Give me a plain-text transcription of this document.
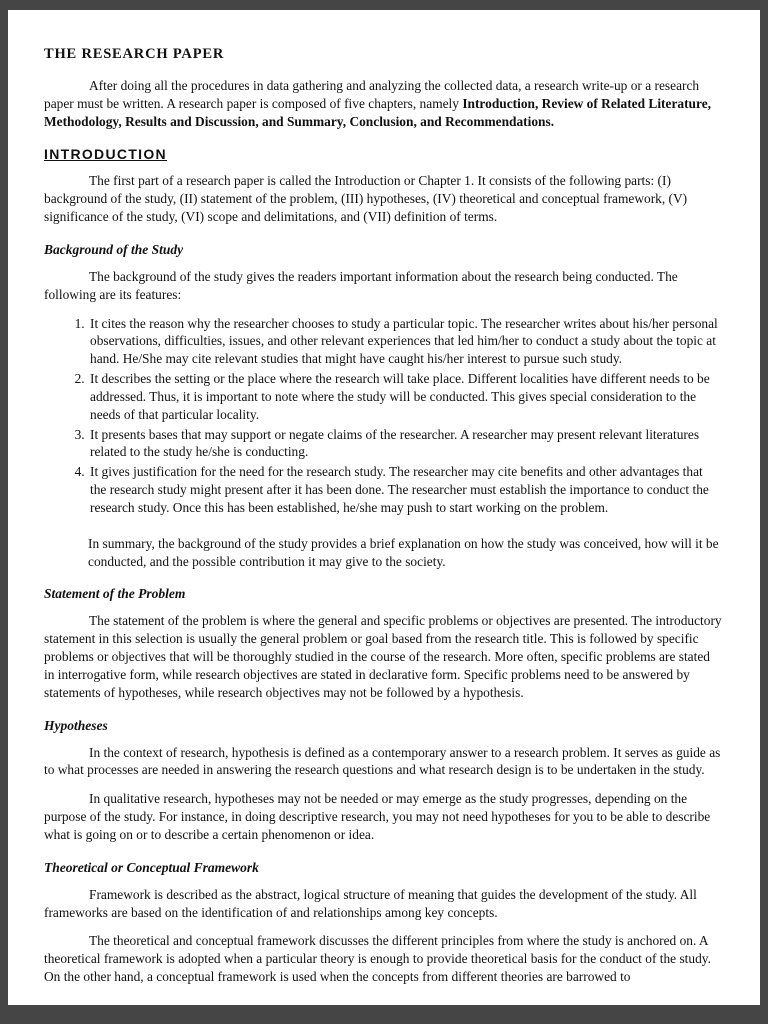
THE RESEARCH PAPER

After doing all the procedures in data gathering and analyzing the collected data, a research write-up or a research paper must be written. A research paper is composed of five chapters, namely Introduction, Review of Related Literature, Methodology, Results and Discussion, and Summary, Conclusion, and Recommendations.

INTRODUCTION

The first part of a research paper is called the Introduction or Chapter 1. It consists of the following parts: (I) background of the study, (II) statement of the problem, (III) hypotheses, (IV) theoretical and conceptual framework, (V) significance of the study, (VI) scope and delimitations, and (VII) definition of terms.

Background of the Study

The background of the study gives the readers important information about the research being conducted. The following are its features:

1. It cites the reason why the researcher chooses to study a particular topic. The researcher writes about his/her personal observations, difficulties, issues, and other relevant experiences that led him/her to conduct a study about the topic at hand. He/She may cite relevant studies that might have caught his/her interest to pursue such study.
2. It describes the setting or the place where the research will take place. Different localities have different needs to be addressed. Thus, it is important to note where the study will be conducted. This gives special consideration to the needs of that particular locality.
3. It presents bases that may support or negate claims of the researcher. A researcher may present relevant literatures related to the study he/she is conducting.
4. It gives justification for the need for the research study. The researcher may cite benefits and other advantages that the research study might present after it has been done. The researcher must establish the importance to conduct the research study. Once this has been established, he/she may push to start working on the problem.

In summary, the background of the study provides a brief explanation on how the study was conceived, how will it be conducted, and the possible contribution it may give to the society.

Statement of the Problem

The statement of the problem is where the general and specific problems or objectives are presented. The introductory statement in this selection is usually the general problem or goal based from the research title. This is followed by specific problems or objectives that will be thoroughly studied in the course of the research. More often, specific problems are stated in interrogative form, while research objectives are stated in declarative form. Specific problems need to be answered by statements of hypotheses, while research objectives may not be followed by a hypothesis.

Hypotheses

In the context of research, hypothesis is defined as a contemporary answer to a research problem. It serves as guide as to what processes are needed in answering the research questions and what research design is to be undertaken in the study.

In qualitative research, hypotheses may not be needed or may emerge as the study progresses, depending on the purpose of the study. For instance, in doing descriptive research, you may not need hypotheses for you to be able to describe what is going on or to describe a certain phenomenon or idea.

Theoretical or Conceptual Framework

Framework is described as the abstract, logical structure of meaning that guides the development of the study. All frameworks are based on the identification of and relationships among key concepts.

The theoretical and conceptual framework discusses the different principles from where the study is anchored on. A theoretical framework is adopted when a particular theory is enough to provide theoretical basis for the conduct of the study. On the other hand, a conceptual framework is used when the concepts from different theories are barrowed to
